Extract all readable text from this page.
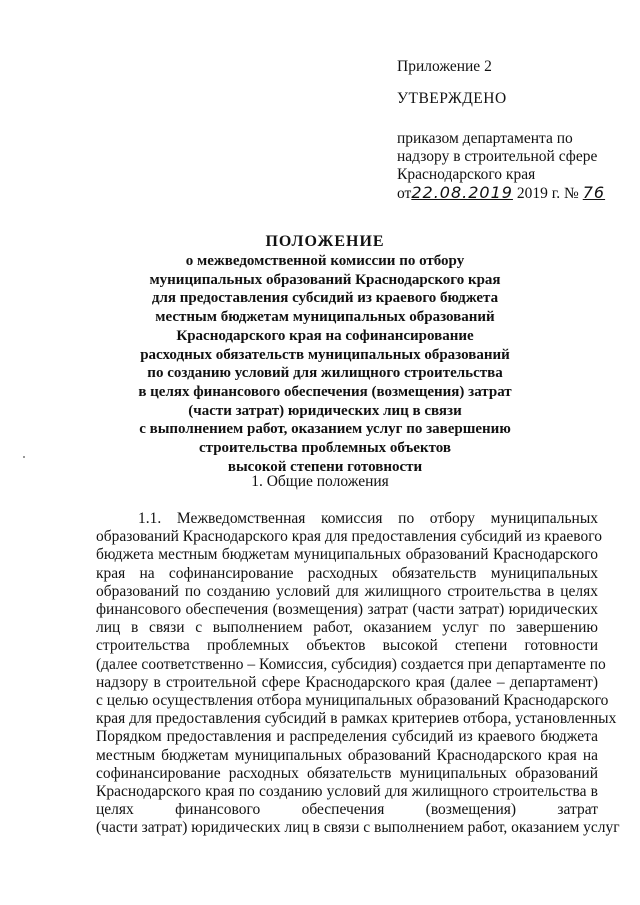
Приложение 2

УТВЕРЖДЕНО

приказом департамента по

надзору в строительной сфере

Краснодарского края

от22.08.2019 2019 г. № 76

ПОЛОЖЕНИЕ

о межведомственной комиссии по отбору

муниципальных образований Краснодарского края

для предоставления субсидий из краевого бюджета

местным бюджетам муниципальных образований

Краснодарского края на софинансирование

расходных обязательств муниципальных образований

по созданию условий для жилищного строительства

в целях финансового обеспечения (возмещения) затрат

(части затрат) юридических лиц в связи

с выполнением работ, оказанием услуг по завершению

строительства проблемных объектов

высокой степени готовности

1. Общие положения
1.1. Межведомственная комиссия по отбору муниципальных
образований Краснодарского края для предоставления субсидий из краевого
бюджета местным бюджетам муниципальных образований Краснодарского
края на софинансирование расходных обязательств муниципальных
образований по созданию условий для жилищного строительства в целях
финансового обеспечения (возмещения) затрат (части затрат) юридических
лиц в связи с выполнением работ, оказанием услуг по завершению
строительства проблемных объектов высокой степени готовности
(далее соответственно – Комиссия, субсидия) создается при департаменте по
надзору в строительной сфере Краснодарского края (далее – департамент)
с целью осуществления отбора муниципальных образований Краснодарского
края для предоставления субсидий в рамках критериев отбора, установленных
Порядком предоставления и распределения субсидий из краевого бюджета
местным бюджетам муниципальных образований Краснодарского края на
софинансирование расходных обязательств муниципальных образований
Краснодарского края по созданию условий для жилищного строительства в
целях финансового обеспечения (возмещения) затрат
(части затрат) юридических лиц в связи с выполнением работ, оказанием услуг
